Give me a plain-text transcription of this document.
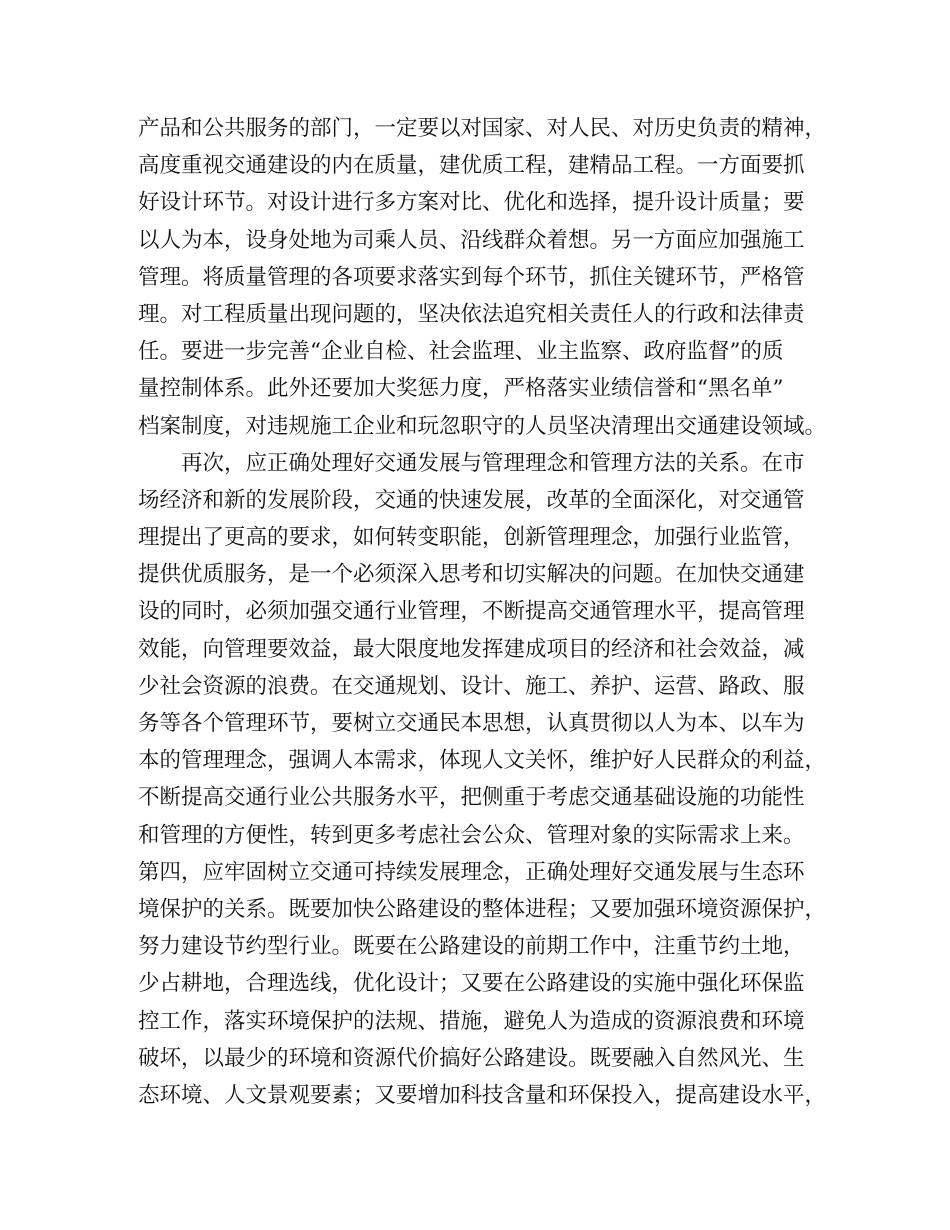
产品和公共服务的部门，一定要以对国家、对人民、对历史负责的精神，
高度重视交通建设的内在质量，建优质工程，建精品工程。一方面要抓
好设计环节。对设计进行多方案对比、优化和选择，提升设计质量；要
以人为本，设身处地为司乘人员、沿线群众着想。另一方面应加强施工
管理。将质量管理的各项要求落实到每个环节，抓住关键环节，严格管
理。对工程质量出现问题的，坚决依法追究相关责任人的行政和法律责
任。要进一步完善“企业自检、社会监理、业主监察、政府监督”的质
量控制体系。此外还要加大奖惩力度，严格落实业绩信誉和“黑名单”
档案制度，对违规施工企业和玩忽职守的人员坚决清理出交通建设领域。
再次，应正确处理好交通发展与管理理念和管理方法的关系。在市
场经济和新的发展阶段，交通的快速发展，改革的全面深化，对交通管
理提出了更高的要求，如何转变职能，创新管理理念，加强行业监管，
提供优质服务，是一个必须深入思考和切实解决的问题。在加快交通建
设的同时，必须加强交通行业管理，不断提高交通管理水平，提高管理
效能，向管理要效益，最大限度地发挥建成项目的经济和社会效益，减
少社会资源的浪费。在交通规划、设计、施工、养护、运营、路政、服
务等各个管理环节，要树立交通民本思想，认真贯彻以人为本、以车为
本的管理理念，强调人本需求，体现人文关怀，维护好人民群众的利益，
不断提高交通行业公共服务水平，把侧重于考虑交通基础设施的功能性
和管理的方便性，转到更多考虑社会公众、管理对象的实际需求上来。
第四，应牢固树立交通可持续发展理念，正确处理好交通发展与生态环
境保护的关系。既要加快公路建设的整体进程；又要加强环境资源保护，
努力建设节约型行业。既要在公路建设的前期工作中，注重节约土地，
少占耕地，合理选线，优化设计；又要在公路建设的实施中强化环保监
控工作，落实环境保护的法规、措施，避免人为造成的资源浪费和环境
破坏，以最少的环境和资源代价搞好公路建设。既要融入自然风光、生
态环境、人文景观要素；又要增加科技含量和环保投入，提高建设水平，
